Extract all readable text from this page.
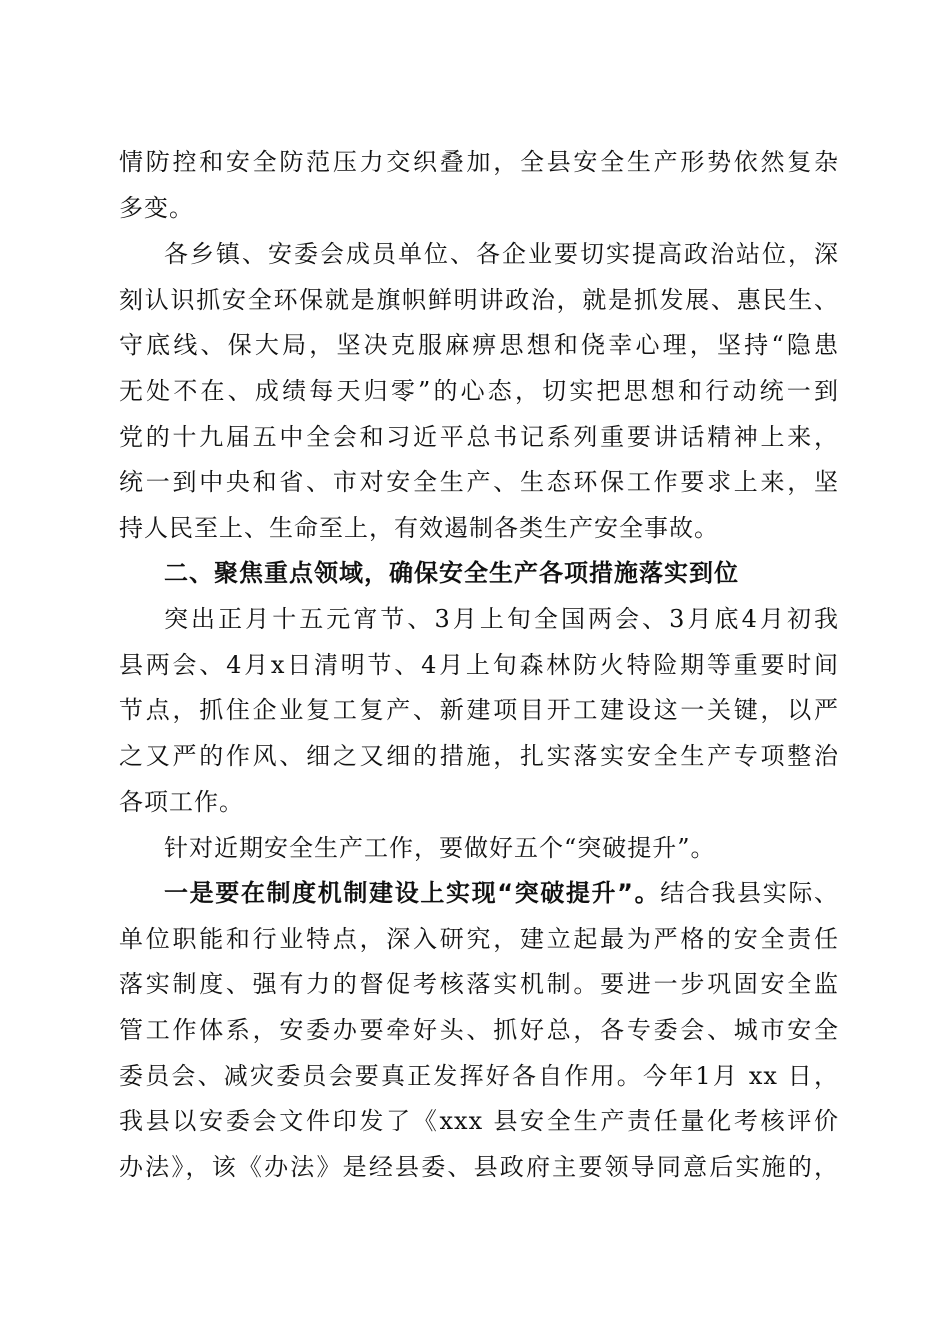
情防控和安全防范压力交织叠加，全县安全生产形势依然复杂
多变。
各乡镇、安委会成员单位、各企业要切实提高政治站位，深
刻认识抓安全环保就是旗帜鲜明讲政治，就是抓发展、惠民生、
守底线、保大局，坚决克服麻痹思想和侥幸心理，坚持“隐患
无处不在、成绩每天归零”的心态，切实把思想和行动统一到
党的十九届五中全会和习近平总书记系列重要讲话精神上来，
统一到中央和省、市对安全生产、生态环保工作要求上来，坚
持人民至上、生命至上，有效遏制各类生产安全事故。
二、聚焦重点领域，确保安全生产各项措施落实到位
突出正月十五元宵节、3月上旬全国两会、3月底4月初我
县两会、4月x日清明节、4月上旬森林防火特险期等重要时间
节点，抓住企业复工复产、新建项目开工建设这一关键，以严
之又严的作风、细之又细的措施，扎实落实安全生产专项整治
各项工作。
针对近期安全生产工作，要做好五个“突破提升”。
一是要在制度机制建设上实现“突破提升”。结合我县实际、
单位职能和行业特点，深入研究，建立起最为严格的安全责任
落实制度、强有力的督促考核落实机制。要进一步巩固安全监
管工作体系，安委办要牵好头、抓好总，各专委会、城市安全
委员会、减灾委员会要真正发挥好各自作用。今年1月 xx 日，
我县以安委会文件印发了《xxx 县安全生产责任量化考核评价
办法》，该《办法》是经县委、县政府主要领导同意后实施的，
